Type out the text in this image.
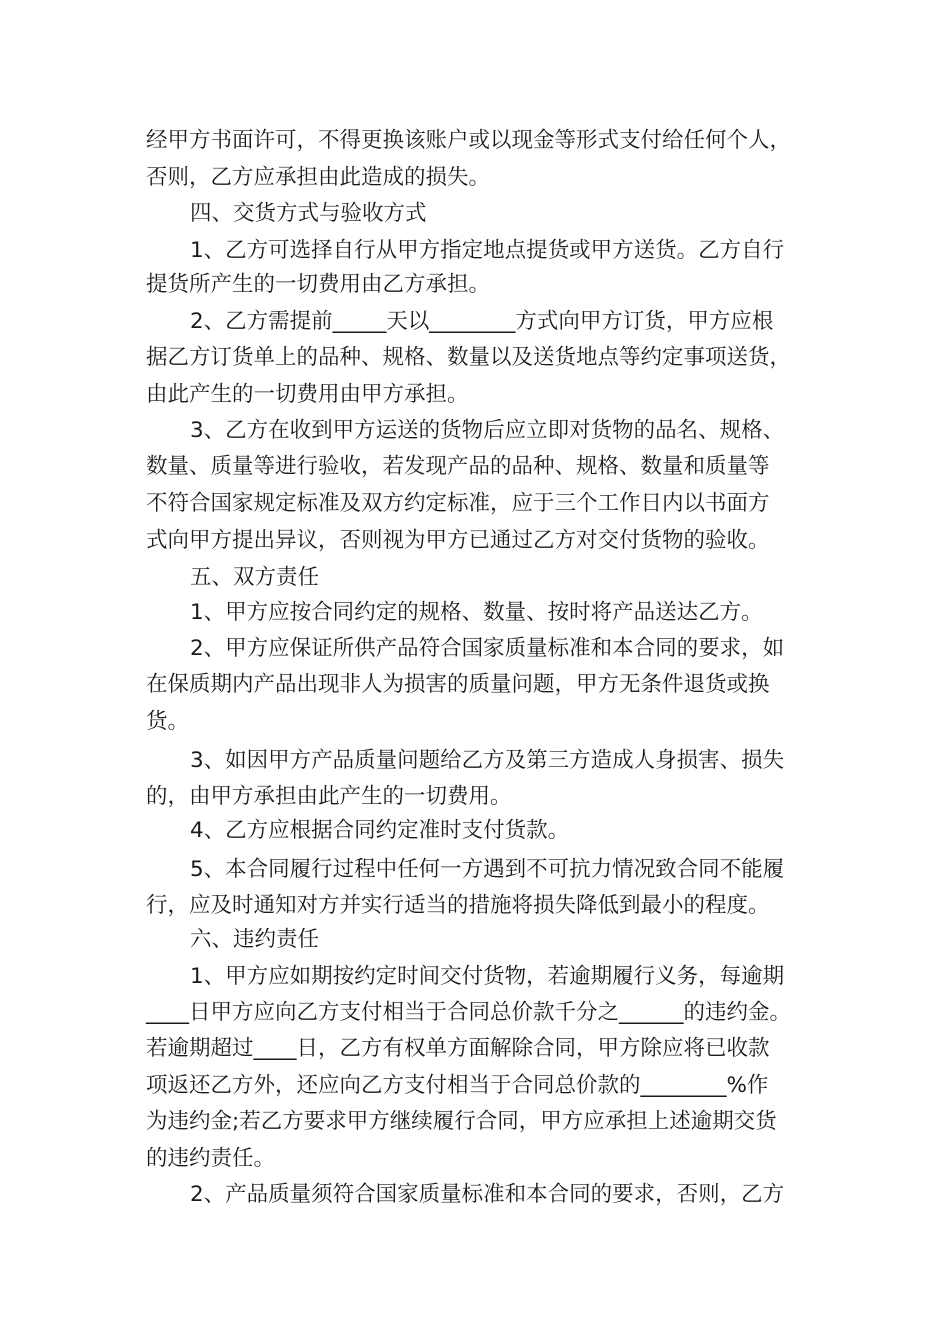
经甲方书面许可，不得更换该账户或以现金等形式支付给任何个人，
否则，乙方应承担由此造成的损失。
四、交货方式与验收方式
1、乙方可选择自行从甲方指定地点提货或甲方送货。乙方自行
提货所产生的一切费用由乙方承担。
2、乙方需提前_____天以________方式向甲方订货，甲方应根
据乙方订货单上的品种、规格、数量以及送货地点等约定事项送货，
由此产生的一切费用由甲方承担。
3、乙方在收到甲方运送的货物后应立即对货物的品名、规格、
数量、质量等进行验收，若发现产品的品种、规格、数量和质量等
不符合国家规定标准及双方约定标准，应于三个工作日内以书面方
式向甲方提出异议，否则视为甲方已通过乙方对交付货物的验收。
五、双方责任
1、甲方应按合同约定的规格、数量、按时将产品送达乙方。
2、甲方应保证所供产品符合国家质量标准和本合同的要求，如
在保质期内产品出现非人为损害的质量问题，甲方无条件退货或换
货。
3、如因甲方产品质量问题给乙方及第三方造成人身损害、损失
的，由甲方承担由此产生的一切费用。
4、乙方应根据合同约定准时支付货款。
5、本合同履行过程中任何一方遇到不可抗力情况致合同不能履
行，应及时通知对方并实行适当的措施将损失降低到最小的程度。
六、违约责任
1、甲方应如期按约定时间交付货物，若逾期履行义务，每逾期
____日甲方应向乙方支付相当于合同总价款千分之______的违约金。
若逾期超过____日，乙方有权单方面解除合同，甲方除应将已收款
项返还乙方外，还应向乙方支付相当于合同总价款的________%作
为违约金;若乙方要求甲方继续履行合同，甲方应承担上述逾期交货
的违约责任。
2、产品质量须符合国家质量标准和本合同的要求，否则，乙方
